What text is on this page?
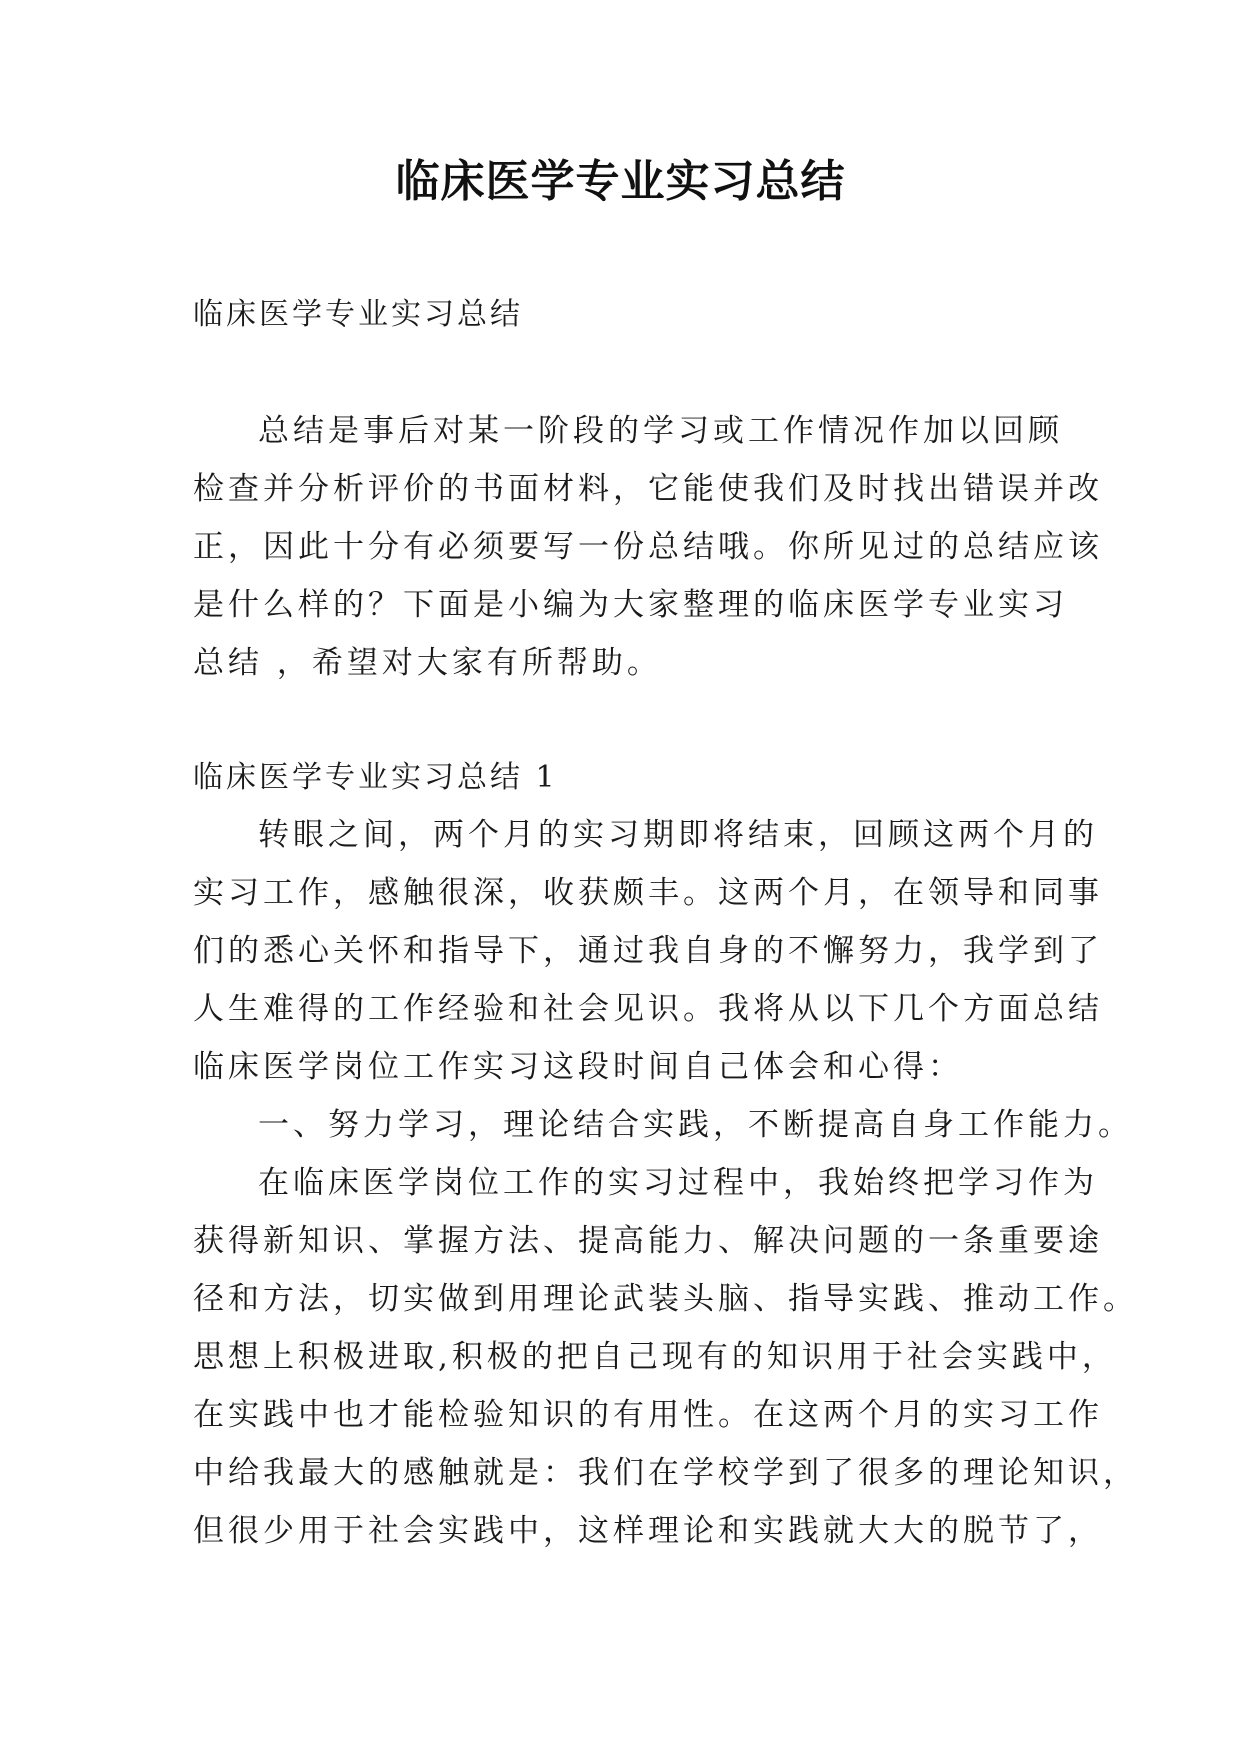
临床医学专业实习总结
临床医学专业实习总结
总结是事后对某一阶段的学习或工作情况作加以回顾
检查并分析评价的书面材料，它能使我们及时找出错误并改
正，因此十分有必须要写一份总结哦。你所见过的总结应该
是什么样的？下面是小编为大家整理的临床医学专业实习
总结 ，希望对大家有所帮助。
临床医学专业实习总结 1
转眼之间，两个月的实习期即将结束，回顾这两个月的
实习工作，感触很深，收获颇丰。这两个月，在领导和同事
们的悉心关怀和指导下，通过我自身的不懈努力，我学到了
人生难得的工作经验和社会见识。我将从以下几个方面总结
临床医学岗位工作实习这段时间自己体会和心得：
一、努力学习，理论结合实践，不断提高自身工作能力。
在临床医学岗位工作的实习过程中，我始终把学习作为
获得新知识、掌握方法、提高能力、解决问题的一条重要途
径和方法，切实做到用理论武装头脑、指导实践、推动工作。
思想上积极进取,积极的把自己现有的知识用于社会实践中，
在实践中也才能检验知识的有用性。在这两个月的实习工作
中给我最大的感触就是：我们在学校学到了很多的理论知识，
但很少用于社会实践中，这样理论和实践就大大的脱节了，
